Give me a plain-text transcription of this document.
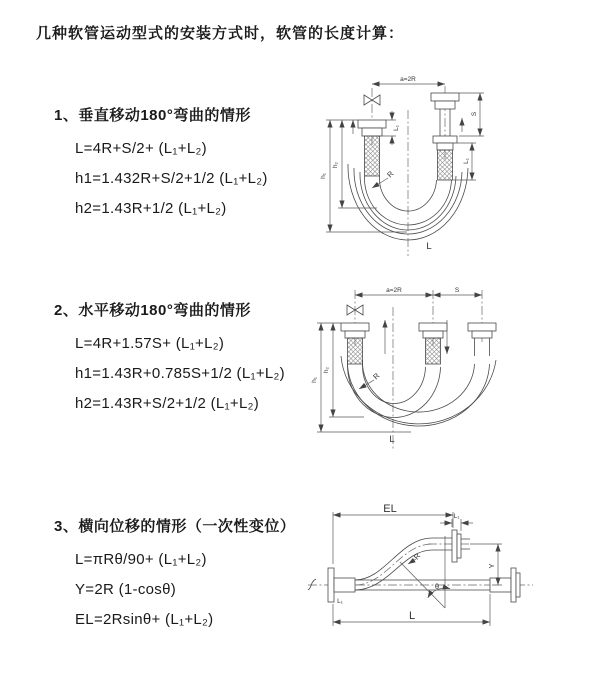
几种软管运动型式的安装方式时，软管的长度计算：
1、垂直移动180°弯曲的情形
L=4R+S/2+ (L₁+L₂)
h1=1.432R+S/2+1/2 (L₁+L₂)
h2=1.43R+1/2 (L₁+L₂)
a=2R
S
L₁
L₁
h₁
h₂
R
L
2、水平移动180°弯曲的情形
L=4R+1.57S+ (L₁+L₂)
h1=1.43R+0.785S+1/2 (L₁+L₂)
h2=1.43R+S/2+1/2 (L₁+L₂)
a=2R	S
h₁
h₂
R
L
3、横向位移的情形（一次性变位）
L=πRθ/90+ (L₁+L₂)
Y=2R (1-cosθ)
EL=2Rsinθ+ (L₁+L₂)
EL
L₁
L₁
Y
R
θ
L
